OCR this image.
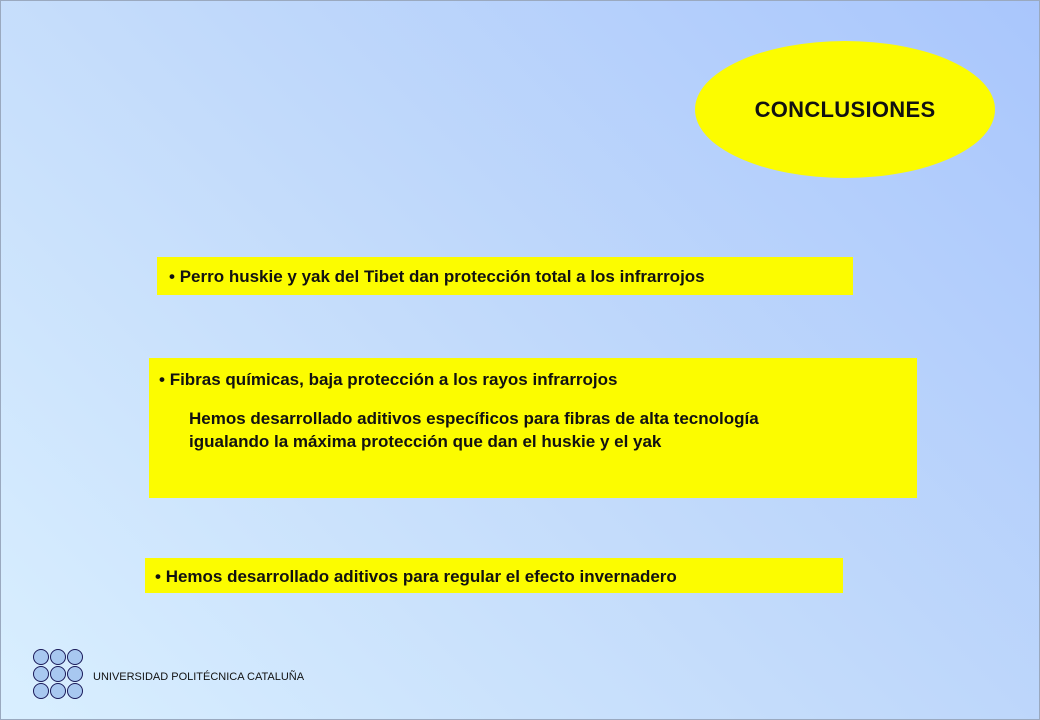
CONCLUSIONES
• Perro huskie y yak del Tibet dan protección total a los infrarrojos
• Fibras químicas, baja protección a los rayos infrarrojos
Hemos desarrollado aditivos específicos para fibras de alta tecnología
igualando la máxima protección que dan el huskie y el yak
• Hemos desarrollado aditivos para regular el efecto invernadero
UNIVERSIDAD POLITÉCNICA CATALUÑA
